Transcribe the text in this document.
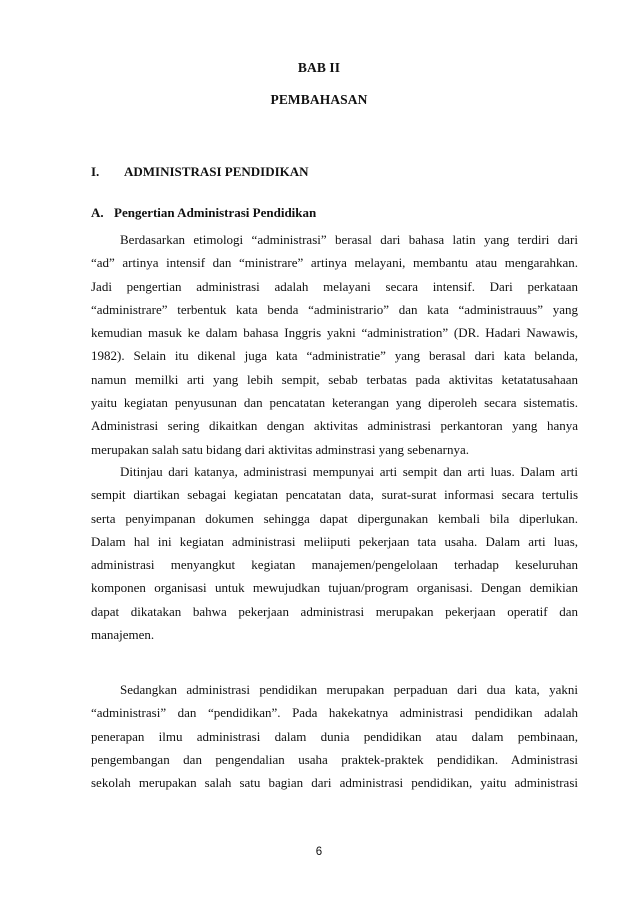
BAB II
PEMBAHASAN
I. ADMINISTRASI PENDIDIKAN
A. Pengertian Administrasi Pendidikan
Berdasarkan etimologi “administrasi” berasal dari bahasa latin yang terdiri dari
“ad” artinya intensif dan “ministrare” artinya melayani, membantu atau mengarahkan.
Jadi pengertian administrasi adalah melayani secara intensif. Dari perkataan
“administrare” terbentuk kata benda “administrario” dan kata “administrauus” yang
kemudian masuk ke dalam bahasa Inggris yakni “administration” (DR. Hadari Nawawis,
1982). Selain itu dikenal juga kata “administratie” yang berasal dari kata belanda,
namun memilki arti yang lebih sempit, sebab terbatas pada aktivitas ketatatusahaan
yaitu kegiatan penyusunan dan pencatatan keterangan yang diperoleh secara sistematis.
Administrasi sering dikaitkan dengan aktivitas administrasi perkantoran yang hanya
merupakan salah satu bidang dari aktivitas adminstrasi yang sebenarnya.
Ditinjau dari katanya, administrasi mempunyai arti sempit dan arti luas. Dalam arti
sempit diartikan sebagai kegiatan pencatatan data, surat-surat informasi secara tertulis
serta penyimpanan dokumen sehingga dapat dipergunakan kembali bila diperlukan.
Dalam hal ini kegiatan administrasi meliiputi pekerjaan tata usaha. Dalam arti luas,
administrasi menyangkut kegiatan manajemen/pengelolaan terhadap keseluruhan
komponen organisasi untuk mewujudkan tujuan/program organisasi. Dengan demikian
dapat dikatakan bahwa pekerjaan administrasi merupakan pekerjaan operatif dan
manajemen.
Sedangkan administrasi pendidikan merupakan perpaduan dari dua kata, yakni
“administrasi” dan “pendidikan”. Pada hakekatnya administrasi pendidikan adalah
penerapan ilmu administrasi dalam dunia pendidikan atau dalam pembinaan,
pengembangan dan pengendalian usaha praktek-praktek pendidikan. Administrasi
sekolah merupakan salah satu bagian dari administrasi pendidikan, yaitu administrasi
6
